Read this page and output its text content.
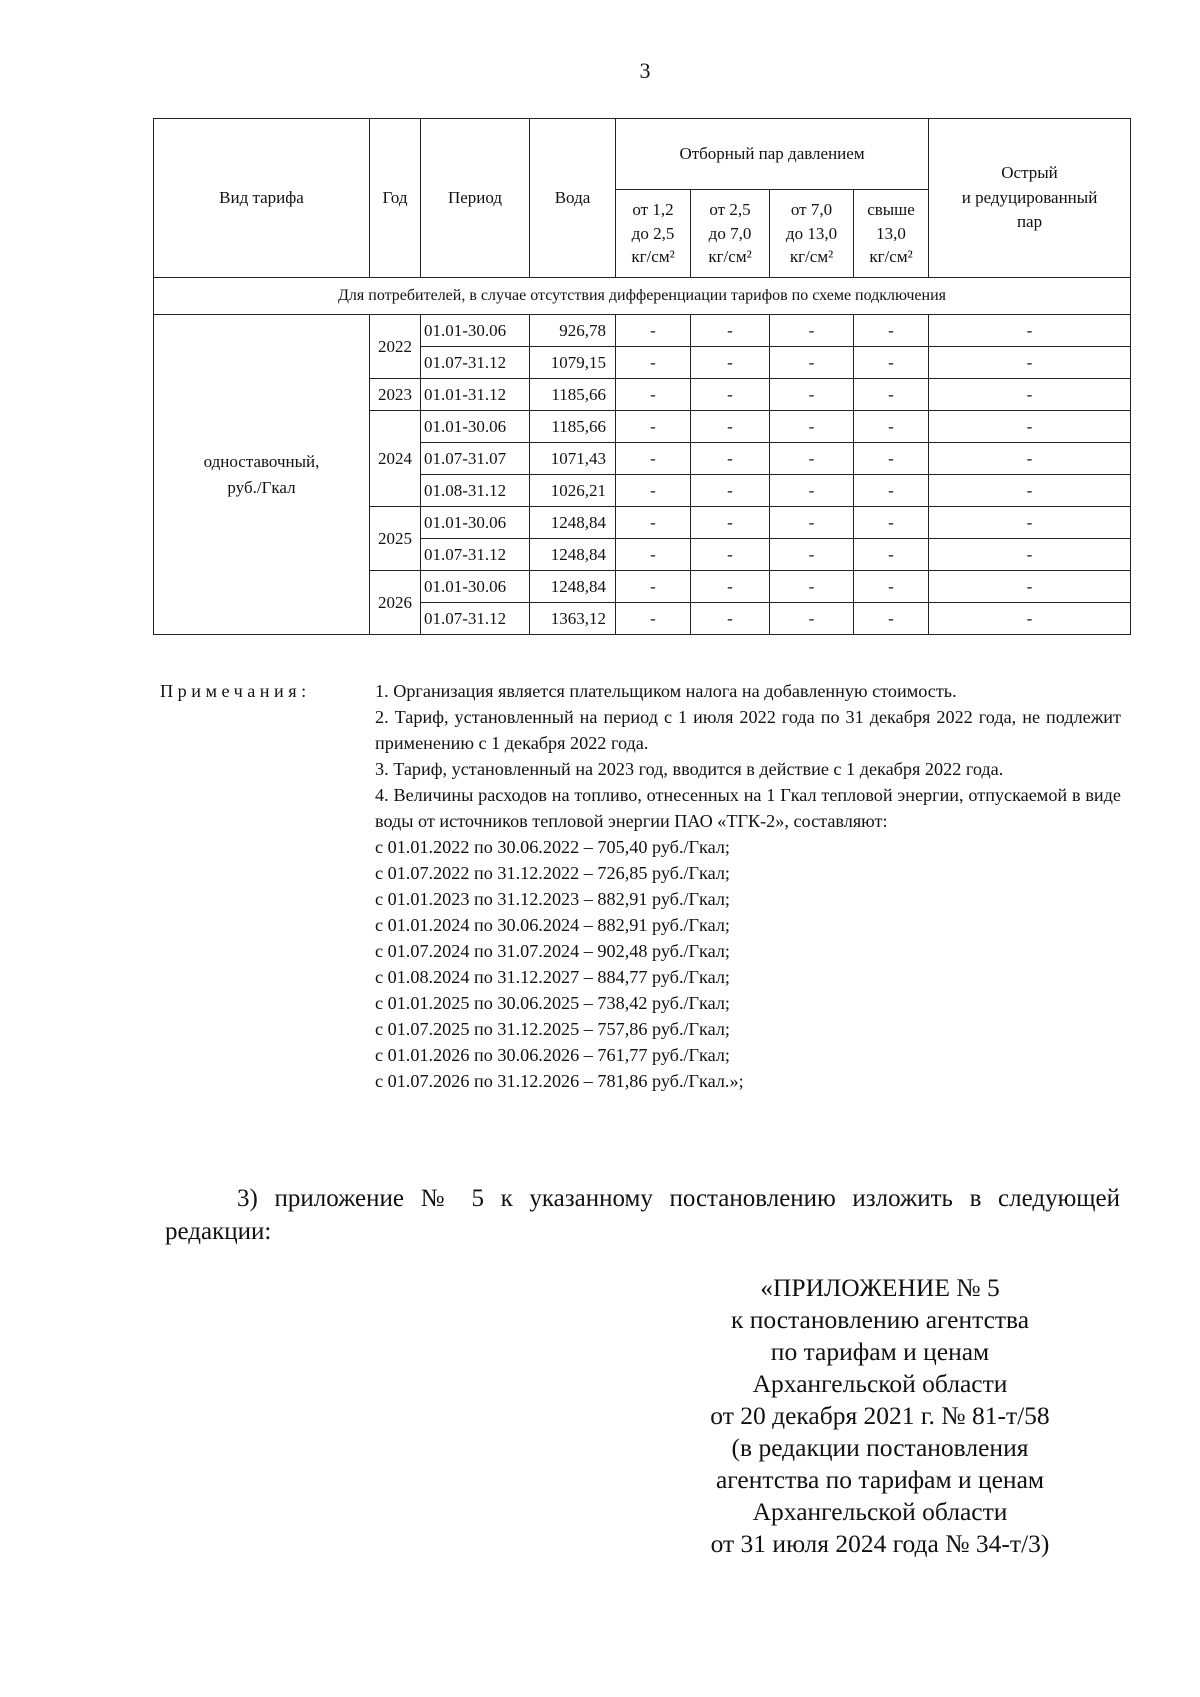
3
Вид тарифа	Год	Период	Вода	Отборный пар давлением				Острый
и редуцированный
пар
				от 1,2
до 2,5
кг/см²	от 2,5
до 7,0
кг/см²	от 7,0
до 13,0
кг/см²	свыше
13,0
кг/см²	
Для потребителей, в случае отсутствия дифференциации тарифов по схеме подключения								
одноставочный,
руб./Гкал	2022	01.01-30.06	926,78	-	-	-	-	-
		01.07-31.12	1079,15	-	-	-	-	-
	2023	01.01-31.12	1185,66	-	-	-	-	-
	2024	01.01-30.06	1185,66	-	-	-	-	-
		01.07-31.07	1071,43	-	-	-	-	-
		01.08-31.12	1026,21	-	-	-	-	-
	2025	01.01-30.06	1248,84	-	-	-	-	-
		01.07-31.12	1248,84	-	-	-	-	-
	2026	01.01-30.06	1248,84	-	-	-	-	-
		01.07-31.12	1363,12	-	-	-	-	-
Примечания:	1. Организация является плательщиком налога на добавленную стоимость.
2. Тариф, установленный на период с 1 июля 2022 года по 31 декабря 2022 года, не подлежит применению с 1 декабря 2022 года.
3. Тариф, установленный на 2023 год, вводится в действие с 1 декабря 2022 года.
4. Величины расходов на топливо, отнесенных на 1 Гкал тепловой энергии, отпускаемой в виде воды от источников тепловой энергии ПАО «ТГК-2», составляют:
с 01.01.2022 по 30.06.2022 – 705,40 руб./Гкал;
с 01.07.2022 по 31.12.2022 – 726,85 руб./Гкал;
с 01.01.2023 по 31.12.2023 – 882,91 руб./Гкал;
с 01.01.2024 по 30.06.2024 – 882,91 руб./Гкал;
с 01.07.2024 по 31.07.2024 – 902,48 руб./Гкал;
с 01.08.2024 по 31.12.2027 – 884,77 руб./Гкал;
с 01.01.2025 по 30.06.2025 – 738,42 руб./Гкал;
с 01.07.2025 по 31.12.2025 – 757,86 руб./Гкал;
с 01.01.2026 по 30.06.2026 – 761,77 руб./Гкал;
с 01.07.2026 по 31.12.2026 – 781,86 руб./Гкал.»;
3) приложение № 5 к указанному постановлению изложить в следующей редакции:
«ПРИЛОЖЕНИЕ № 5
к постановлению агентства
по тарифам и ценам
Архангельской области
от 20 декабря 2021 г. № 81-т/58
(в редакции постановления
агентства по тарифам и ценам
Архангельской области
от 31 июля 2024 года № 34-т/3)
